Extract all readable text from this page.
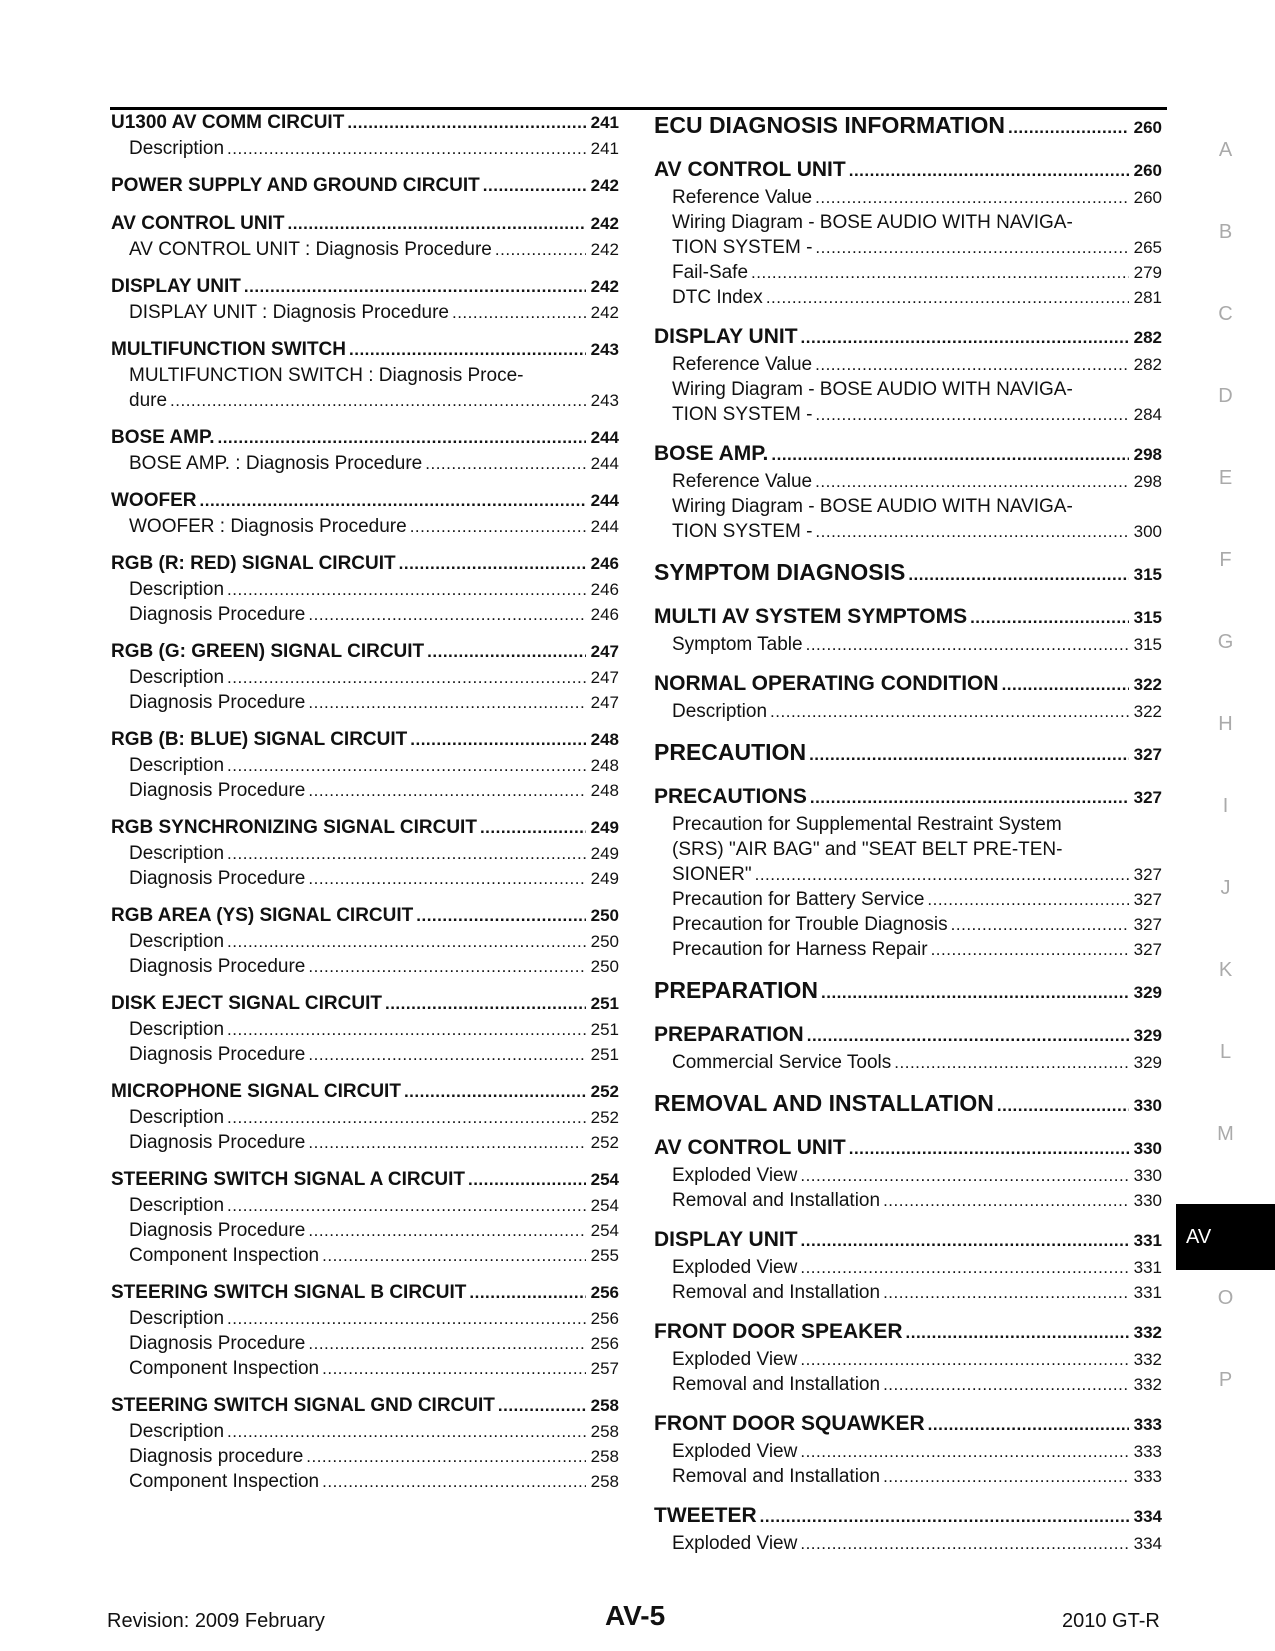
U1300 AV COMM CIRCUIT .....	241
Description .....	241
POWER SUPPLY AND GROUND CIRCUIT .....	242
AV CONTROL UNIT .....	242
AV CONTROL UNIT : Diagnosis Procedure .....	242
DISPLAY UNIT .....	242
DISPLAY UNIT : Diagnosis Procedure .....	242
MULTIFUNCTION SWITCH .....	243
MULTIFUNCTION SWITCH : Diagnosis Proce-
dure .....	243
BOSE AMP. .....	244
BOSE AMP. : Diagnosis Procedure .....	244
WOOFER .....	244
WOOFER : Diagnosis Procedure .....	244
RGB (R: RED) SIGNAL CIRCUIT .....	246
Description .....	246
Diagnosis Procedure .....	246
RGB (G: GREEN) SIGNAL CIRCUIT .....	247
Description .....	247
Diagnosis Procedure .....	247
RGB (B: BLUE) SIGNAL CIRCUIT .....	248
Description .....	248
Diagnosis Procedure .....	248
RGB SYNCHRONIZING SIGNAL CIRCUIT .....	249
Description .....	249
Diagnosis Procedure .....	249
RGB AREA (YS) SIGNAL CIRCUIT .....	250
Description .....	250
Diagnosis Procedure .....	250
DISK EJECT SIGNAL CIRCUIT .....	251
Description .....	251
Diagnosis Procedure .....	251
MICROPHONE SIGNAL CIRCUIT .....	252
Description .....	252
Diagnosis Procedure .....	252
STEERING SWITCH SIGNAL A CIRCUIT .....	254
Description .....	254
Diagnosis Procedure .....	254
Component Inspection .....	255
STEERING SWITCH SIGNAL B CIRCUIT .....	256
Description .....	256
Diagnosis Procedure .....	256
Component Inspection .....	257
STEERING SWITCH SIGNAL GND CIRCUIT .....	258
Description .....	258
Diagnosis procedure .....	258
Component Inspection .....	258
ECU DIAGNOSIS INFORMATION .....	260
AV CONTROL UNIT .....	260
Reference Value .....	260
Wiring Diagram - BOSE AUDIO WITH NAVIGA-
TION SYSTEM - .....	265
Fail-Safe .....	279
DTC Index .....	281
DISPLAY UNIT .....	282
Reference Value .....	282
Wiring Diagram - BOSE AUDIO WITH NAVIGA-
TION SYSTEM - .....	284
BOSE AMP. .....	298
Reference Value .....	298
Wiring Diagram - BOSE AUDIO WITH NAVIGA-
TION SYSTEM - .....	300
SYMPTOM DIAGNOSIS .....	315
MULTI AV SYSTEM SYMPTOMS .....	315
Symptom Table .....	315
NORMAL OPERATING CONDITION .....	322
Description .....	322
PRECAUTION .....	327
PRECAUTIONS .....	327
Precaution for Supplemental Restraint System
(SRS) "AIR BAG" and "SEAT BELT PRE-TEN-
SIONER" .....	327
Precaution for Battery Service .....	327
Precaution for Trouble Diagnosis .....	327
Precaution for Harness Repair .....	327
PREPARATION .....	329
PREPARATION .....	329
Commercial Service Tools .....	329
REMOVAL AND INSTALLATION .....	330
AV CONTROL UNIT .....	330
Exploded View .....	330
Removal and Installation .....	330
DISPLAY UNIT .....	331
Exploded View .....	331
Removal and Installation .....	331
FRONT DOOR SPEAKER .....	332
Exploded View .....	332
Removal and Installation .....	332
FRONT DOOR SQUAWKER .....	333
Exploded View .....	333
Removal and Installation .....	333
TWEETER .....	334
Exploded View .....	334
A
B
C
D
E
F
G
H
I
J
K
L
M
AV
O
P
Revision: 2009 February	AV-5	2010 GT-R
